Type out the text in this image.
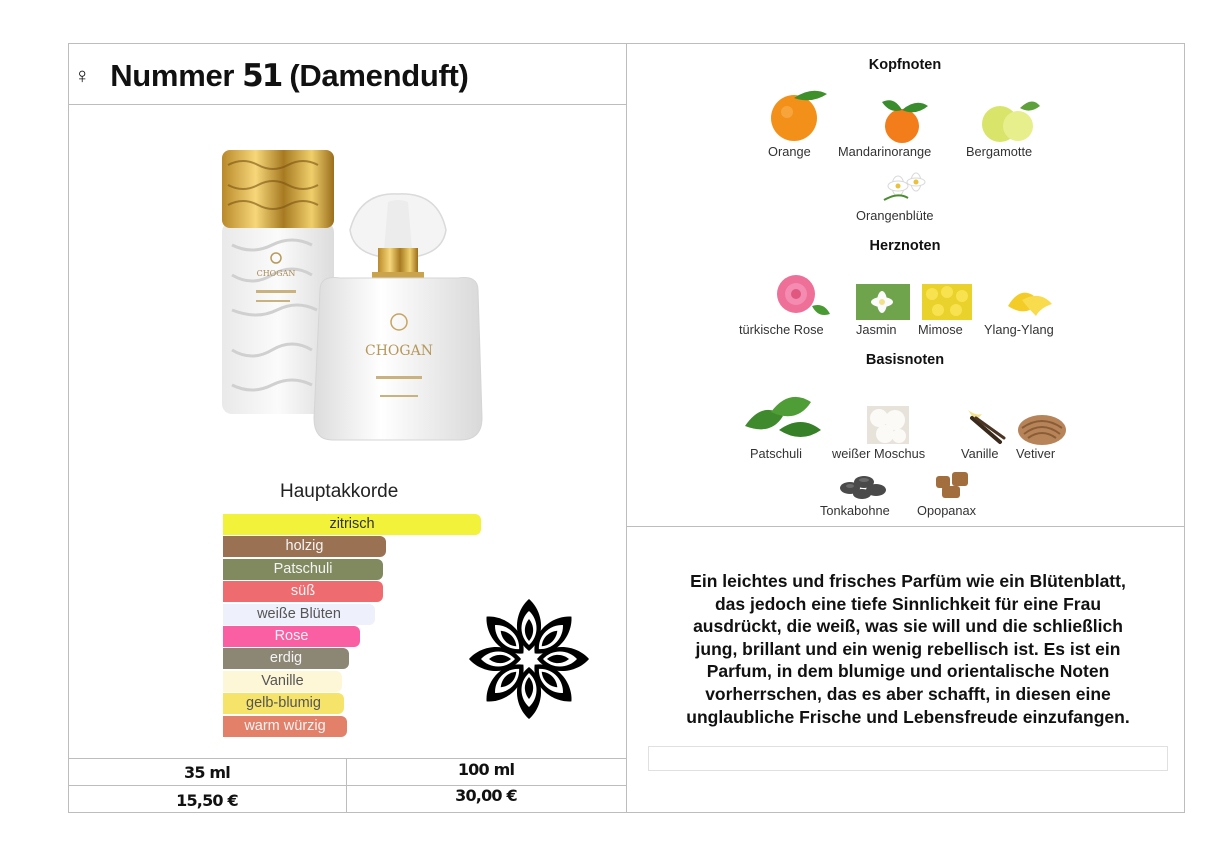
♀ Nummer 51 (Damenduft)
CHOGAN
CHOGAN
Hauptakkorde
zitrisch
holzig
Patschuli
süß
weiße Blüten
Rose
erdig
Vanille
gelb-blumig
warm würzig
35 ml	100 ml
15,50 €	30,00 €
Kopfnoten
Herznoten
Basisnoten
Orange Mandarinorange	Bergamotte
Orangenblüte
türkische Rose	Jasmin Mimose Ylang-Ylang
Patschuli weißer Moschus	Vanille Vetiver
Tonkabohne Opopanax
Ein leichtes und frisches Parfüm wie ein Blütenblatt,
das jedoch eine tiefe Sinnlichkeit für eine Frau
ausdrückt, die weiß, was sie will und die schließlich
jung, brillant und ein wenig rebellisch ist. Es ist ein
Parfum, in dem blumige und orientalische Noten
vorherrschen, das es aber schafft, in diesen eine
unglaubliche Frische und Lebensfreude einzufangen.
